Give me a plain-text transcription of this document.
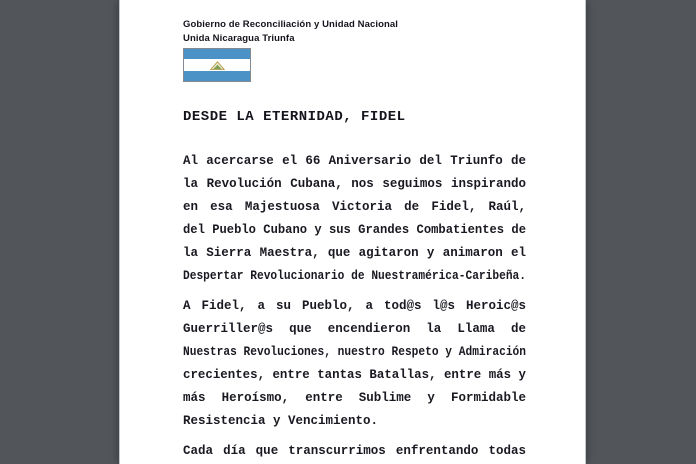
Gobierno de Reconciliación y Unidad Nacional
Unida Nicaragua Triunfa
DESDE LA ETERNIDAD, FIDEL
Al acercarse el 66 Aniversario del Triunfo de
la Revolución Cubana, nos seguimos inspirando
en esa Majestuosa Victoria de Fidel, Raúl,
del Pueblo Cubano y sus Grandes Combatientes de
la Sierra Maestra, que agitaron y animaron el
Despertar Revolucionario de Nuestramérica-Caribeña.
A Fidel, a su Pueblo, a tod@s l@s Heroic@s
Guerriller@s que encendieron la Llama de
Nuestras Revoluciones, nuestro Respeto y Admiración
crecientes, entre tantas Batallas, entre más y
más Heroísmo, entre Sublime y Formidable
Resistencia y Vencimiento.
Cada día que transcurrimos enfrentando todas
